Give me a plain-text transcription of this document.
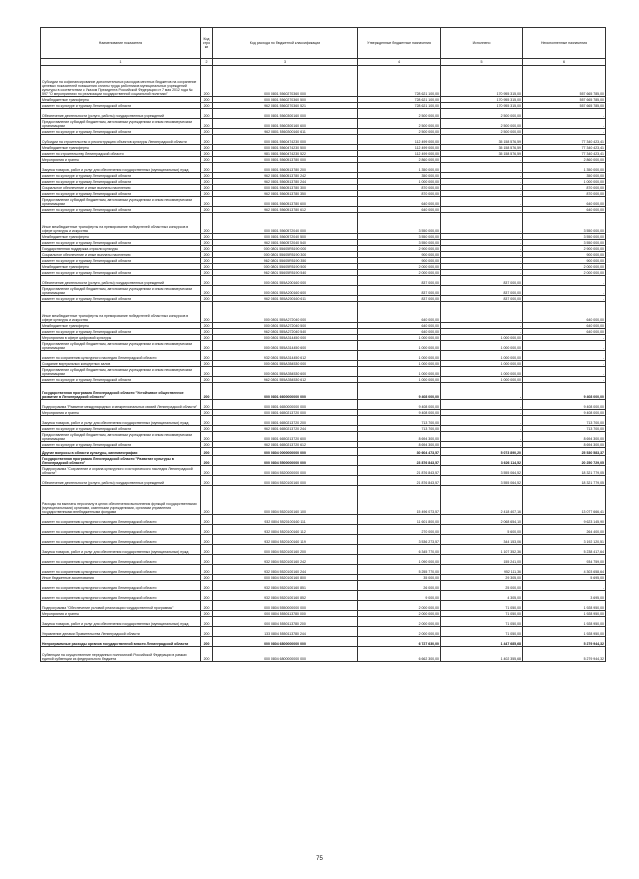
Наименование показателя	Код стро ки	Код расхода по бюджетной классификации	Утвержденные бюджетные назначения	Исполнено	Неисполненные назначения
1	2	3	4	5	6
Субсидии на софинансирование дополнительных расходов местных бюджетов на сохранение целевых показателей повышения оплаты труда работников муниципальных учреждений культуры в соответствии с Указом Президента Российской Федерации от 7 мая 2012 года № 597 "О мероприятиях по реализации государственной социальной политики"	200	000 0801 5560270360 000	728 621 100,00	170 955 315,00	557 665 785,00
Межбюджетные трансферты	200	000 0801 5560270360 500	728 621 100,00	170 955 315,00	557 665 785,00
комитет по культуре и туризму Ленинградской области	200	962 0801 5560270360 521	728 621 100,00	170 955 315,00	557 665 785,00
Обеспечение деятельности (услуги, работы) государственных учреждений	200	000 0801 5560300160 000	2 500 000,00	2 500 000,00	-
Предоставление субсидий бюджетным, автономным учреждениям и иным некоммерческим организациям	200	000 0801 5560300160 600	2 500 000,00	2 500 000,00	-
комитет по культуре и туризму Ленинградской области	200	962 0801 5560300160 611	2 500 000,00	2 500 000,00	-
Субсидии на строительство и реконструкцию объектов культуры Ленинградской области	200	000 0801 5560474230 000	112 499 000,00	35 158 576,59	77 340 423,41
Межбюджетные трансферты	200	000 0801 5560474230 500	112 499 000,00	35 158 576,59	77 340 423,41
комитет по строительству Ленинградской области	200	981 0801 5560474230 522	112 499 000,00	35 158 576,59	77 340 423,41
Мероприятия и гранты	200	000 0801 5560513780 000	2 860 000,00	-	2 860 000,00
Закупка товаров, работ и услуг для обеспечения государственных (муниципальных) нужд	200	000 0801 5560513780 200	1 350 000,00	-	1 350 000,00
комитет по культуре и туризму Ленинградской области	200	962 0801 5560513780 242	350 000,00	-	350 000,00
комитет по культуре и туризму Ленинградской области	200	962 0801 5560513780 244	1 000 000,00	-	1 000 000,00
Социальное обеспечение и иные выплаты населению	200	000 0801 5560513780 300	870 000,00	-	870 000,00
комитет по культуре и туризму Ленинградской области	200	962 0801 5560513780 350	870 000,00	-	870 000,00
Предоставление субсидий бюджетным, автономным учреждениям и иным некоммерческим организациям	200	000 0801 5560513780 600	640 000,00	-	640 000,00
комитет по культуре и туризму Ленинградской области	200	962 0801 5560513780 612	640 000,00	-	640 000,00
Иные межбюджетные трансферты на премирование победителей областных конкурсов в сфере культуры и искусства	200	000 0801 5560572040 000	3 550 000,00	-	3 550 000,00
Межбюджетные трансферты	200	000 0801 5560572040 500	3 550 000,00	-	3 550 000,00
комитет по культуре и туризму Ленинградской области	200	962 0801 5560572040 540	3 550 000,00	-	3 550 000,00
Государственная поддержка отрасли культуры	200	000 0801 55605R5190 000	2 900 000,00	-	2 900 000,00
Социальное обеспечение и иные выплаты населению	200	000 0801 55605R5190 300	900 000,00	-	900 000,00
комитет по культуре и туризму Ленинградской области	200	962 0801 55605R5190 350	900 000,00	-	900 000,00
Межбюджетные трансферты	200	000 0801 55605R5190 500	2 000 000,00	-	2 000 000,00
комитет по культуре и туризму Ленинградской области	200	962 0801 55605R5190 540	2 000 000,00	-	2 000 000,00
Обеспечение деятельности (услуги, работы) государственных учреждений	200	000 0801 555A200160 000	837 000,00	837 000,00	-
Предоставление субсидий бюджетным, автономным учреждениям и иным некоммерческим организациям	200	000 0801 555A200160 600	837 000,00	837 000,00	-
комитет по культуре и туризму Ленинградской области	200	962 0801 555A200160 611	837 000,00	837 000,00	-
Иные межбюджетные трансферты на премирование победителей областных конкурсов в сфере культуры и искусства	200	000 0801 555A272040 000	640 000,00	-	640 000,00
Межбюджетные трансферты	200	000 0801 555A272040 500	640 000,00	-	640 000,00
комитет по культуре и туризму Ленинградской области	200	962 0801 555A272040 540	640 000,00	-	640 000,00
Мероприятия в сфере цифровой культуры	200	000 0801 555A314450 000	1 000 000,00	1 000 000,00	-
Предоставление субсидий бюджетным, автономным учреждениям и иным некоммерческим организациям	200	000 0801 555A314450 600	1 000 000,00	1 000 000,00	-
комитет по сохранению культурного наследия Ленинградской области	200	932 0801 555A314450 612	1 000 000,00	1 000 000,00	-
Создание виртуальных концертных залов	200	000 0801 555A354530 000	1 000 000,00	1 000 000,00	-
Предоставление субсидий бюджетным, автономным учреждениям и иным некоммерческим организациям	200	000 0801 555A354530 600	1 000 000,00	1 000 000,00	-
комитет по культуре и туризму Ленинградской области	200	962 0801 555A354530 612	1 000 000,00	1 000 000,00	-
Государственная программа Ленинградской области "Устойчивое общественное развитие в Ленинградской области"	200	000 0801 6600000000 000	9 408 000,00	-	9 408 000,00
Подпрограмма "Развитие международных и межрегиональных связей Ленинградской области"	200	000 0801 6650000000 000	9 408 000,00	-	9 408 000,00
Мероприятия и гранты	200	000 0801 6650213720 000	9 408 000,00	-	9 408 000,00
Закупка товаров, работ и услуг для обеспечения государственных (муниципальных) нужд	200	000 0801 6650213720 200	713 700,00	-	713 700,00
комитет по культуре и туризму Ленинградской области	200	962 0801 6650213720 244	713 700,00	-	713 700,00
Предоставление субсидий бюджетным, автономным учреждениям и иным некоммерческим организациям	200	000 0801 6650213720 600	8 694 300,00	-	8 694 300,00
комитет по культуре и туризму Ленинградской области	200	962 0801 6650213720 612	8 694 300,00	-	8 694 300,00
Другие вопросы в области культуры, кинематографии	200	000 0804 0000000000 000	30 604 473,57	5 073 890,20	25 530 583,37
Государственная программа Ленинградской области "Развитие культуры в Ленинградской области"	200	000 0804 5500000000 000	23 876 843,57	3 626 114,52	20 250 729,05
Подпрограмма "Сохранение и охрана культурного и исторического наследия Ленинградской области"	200	000 0804 5520000000 000	21 876 843,57	3 555 064,52	18 321 779,05
Обеспечение деятельности (услуги, работы) государственных учреждений	200	000 0804 5520100160 000	21 876 843,57	3 555 064,52	18 321 779,05
Расходы на выплаты персоналу в целях обеспечения выполнения функций государственными (муниципальными) органами, казенными учреждениями, органами управления государственными внебюджетными фондами	200	000 0804 5520100160 100	15 496 073,57	2 418 407,16	13 077 666,41
комитет по сохранению культурного наследия Ленинградской области	200	932 0804 5520100160 111	11 601 800,00	2 068 654,10	9 623 145,90
комитет по сохранению культурного наследия Ленинградской области	200	932 0804 5520100160 112	270 000,00	5 600,00	264 400,00
комитет по сохранению культурного наследия Ленинградской области	200	932 0804 5520100160 119	3 536 273,57	344 153,06	3 192 120,51
Закупка товаров, работ и услуг для обеспечения государственных (муниципальных) нужд	200	000 0804 5520100160 200	6 345 770,00	1 107 352,36	5 238 417,64
комитет по сохранению культурного наследия Ленинградской области	200	932 0804 5520100160 242	1 090 000,00	155 241,00	934 759,00
комитет по сохранению культурного наследия Ленинградской области	200	932 0804 5520100160 244	5 255 770,00	952 111,36	4 303 658,64
Иные бюджетные ассигнования	200	000 0804 5520100160 800	35 000,00	29 305,00	5 695,00
комитет по сохранению культурного наследия Ленинградской области	200	932 0804 5520100160 851	26 000,00	25 000,00	-
комитет по сохранению культурного наследия Ленинградской области	200	932 0804 5520100160 852	9 000,00	4 305,00	3 695,00
Подпрограмма "Обеспечение условий реализации государственной программы"	200	000 0804 5550000000 000	2 000 000,00	71 050,00	1 928 950,00
Мероприятия и гранты	200	000 0804 5550113780 000	2 000 000,00	71 050,00	1 928 950,00
Закупка товаров, работ и услуг для обеспечения государственных (муниципальных) нужд	200	000 0804 5550113780 200	2 000 000,00	71 050,00	1 928 950,00
Управление делами Правительства Ленинградской области	200	133 0804 5550113780 244	2 000 000,00	71 050,00	1 928 950,00
Непрограммные расходы органов государственной власти Ленинградской области	200	000 0804 6800000000 000	6 727 630,00	1 447 685,68	5 279 944,32
Субвенции на осуществление переданных полномочий Российской Федерации в рамках единой субвенции из федерального бюджета	200	000 0804 6800000000 000	6 662 300,00	1 402 355,68	5 279 944,32
75
